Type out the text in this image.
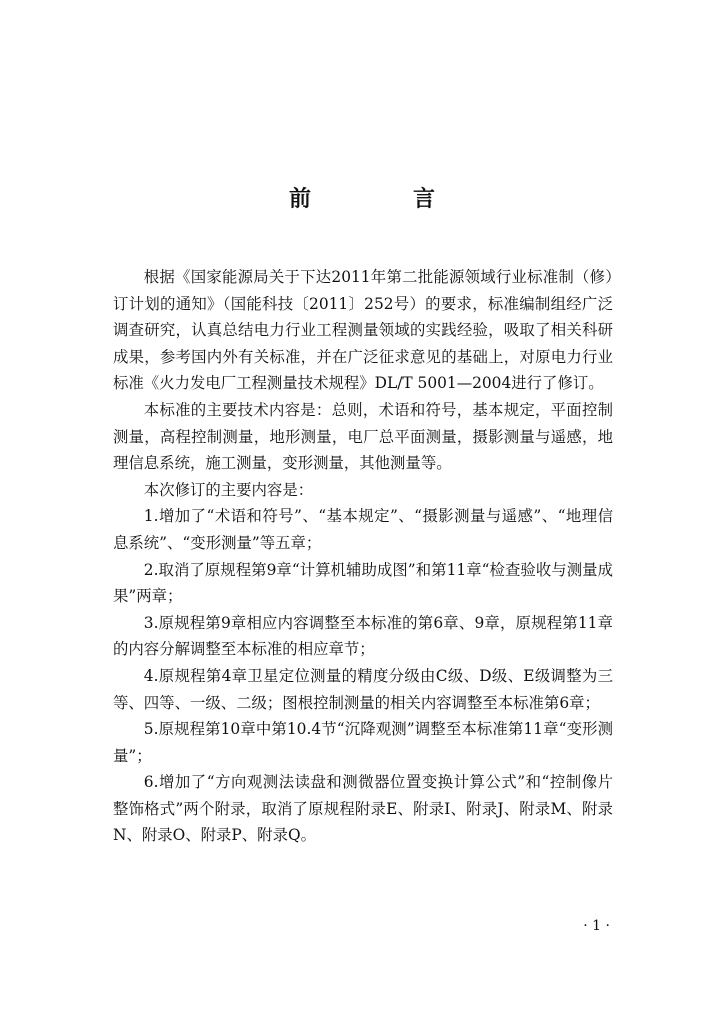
前　言

根据《国家能源局关于下达2011年第二批能源领域行业标准制（修）订计划的通知》（国能科技〔2011〕252号）的要求，标准编制组经广泛调查研究，认真总结电力行业工程测量领域的实践经验，吸取了相关科研成果，参考国内外有关标准，并在广泛征求意见的基础上，对原电力行业标准《火力发电厂工程测量技术规程》DL/T 5001—2004进行了修订。

本标准的主要技术内容是：总则，术语和符号，基本规定，平面控制测量，高程控制测量，地形测量，电厂总平面测量，摄影测量与遥感，地理信息系统，施工测量，变形测量，其他测量等。

本次修订的主要内容是：

1.增加了“术语和符号”、“基本规定”、“摄影测量与遥感”、“地理信息系统”、“变形测量”等五章；

2.取消了原规程第9章“计算机辅助成图”和第11章“检查验收与测量成果”两章；

3.原规程第9章相应内容调整至本标准的第6章、9章，原规程第11章的内容分解调整至本标准的相应章节；

4.原规程第4章卫星定位测量的精度分级由C级、D级、E级调整为三等、四等、一级、二级；图根控制测量的相关内容调整至本标准第6章；

5.原规程第10章中第10.4节“沉降观测”调整至本标准第11章“变形测量”；

6.增加了“方向观测法读盘和测微器位置变换计算公式”和“控制像片整饰格式”两个附录，取消了原规程附录E、附录I、附录J、附录M、附录N、附录O、附录P、附录Q。

· 1 ·
